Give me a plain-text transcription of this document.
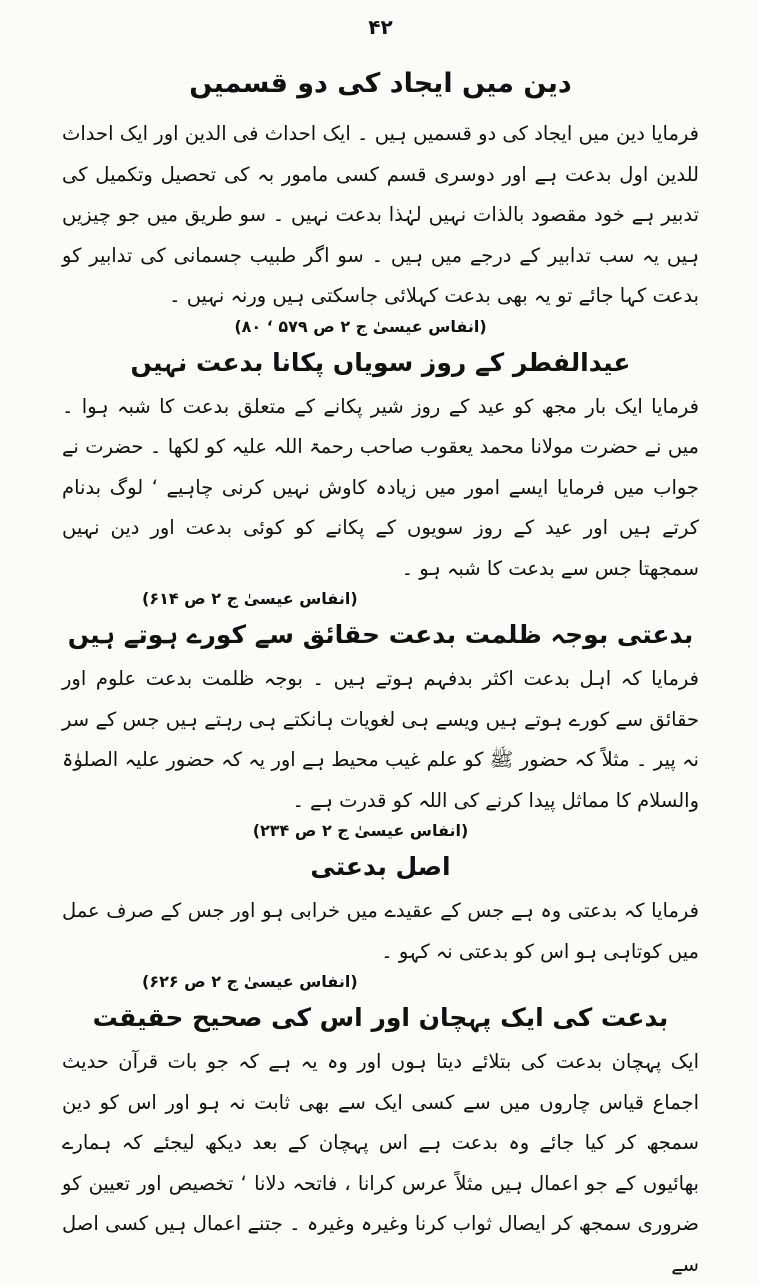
۴۲
دین میں ایجاد کی دو قسمیں

فرمایا دین میں ایجاد کی دو قسمیں ہیں ۔ ایک احداث فی الدین اور ایک احداث للدین اول بدعت ہے اور دوسری قسم کسی مامور بہ کی تحصیل وتکمیل کی تدبیر ہے خود مقصود بالذات نہیں لہٰذا بدعت نہیں ۔ سو طریق میں جو چیزیں ہیں یہ سب تدابیر کے درجے میں ہیں ۔ سو اگر طبیب جسمانی کی تدابیر کو بدعت کہا جائے تو یہ بھی بدعت کہلائی جاسکتی ہیں ورنہ نہیں ۔

(انفاس عیسیٰ ج ۲ ص ۵۷۹ ‘ ۸۰)
عیدالفطر کے روز سویاں پکانا بدعت نہیں

فرمایا ایک بار مجھ کو عید کے روز شیر پکانے کے متعلق بدعت کا شبہ ہوا ۔ میں نے حضرت مولانا محمد یعقوب صاحب رحمۃ اللہ علیہ کو لکھا ۔ حضرت نے جواب میں فرمایا ایسے امور میں زیادہ کاوش نہیں کرنی چاہیے ‘ لوگ بدنام کرتے ہیں اور عید کے روز سویوں کے پکانے کو کوئی بدعت اور دین نہیں سمجھتا جس سے بدعت کا شبہ ہو ۔

(انفاس عیسیٰ ج ۲ ص ۶۱۴)
بدعتی بوجہ ظلمت بدعت حقائق سے کورے ہوتے ہیں

فرمایا کہ اہل بدعت اکثر بدفہم ہوتے ہیں ۔ بوجہ ظلمت بدعت علوم اور حقائق سے کورے ہوتے ہیں ویسے ہی لغویات ہانکتے ہی رہتے ہیں جس کے سر نہ پیر ۔ مثلاً کہ حضور ﷺ کو علم غیب محیط ہے اور یہ کہ حضور علیہ الصلوٰۃ والسلام کا مماثل پیدا کرنے کی اللہ کو قدرت ہے ۔

(انفاس عیسیٰ ج ۲ ص ۲۳۴)
اصل بدعتی

فرمایا کہ بدعتی وہ ہے جس کے عقیدے میں خرابی ہو اور جس کے صرف عمل میں کوتاہی ہو اس کو بدعتی نہ کہو ۔

(انفاس عیسیٰ ج ۲ ص ۶۲۶)
بدعت کی ایک پہچان اور اس کی صحیح حقیقت

ایک پہچان بدعت کی بتلائے دیتا ہوں اور وہ یہ ہے کہ جو بات قرآن حدیث اجماع قیاس چاروں میں سے کسی ایک سے بھی ثابت نہ ہو اور اس کو دین سمجھ کر کیا جائے وہ بدعت ہے اس پہچان کے بعد دیکھ لیجئے کہ ہمارے بھائیوں کے جو اعمال ہیں مثلاً عرس کرانا ، فاتحہ دلانا ‘ تخصیص اور تعیین کو ضروری سمجھ کر ایصال ثواب کرنا وغیرہ وغیرہ ۔ جتنے اعمال ہیں کسی اصل سے
